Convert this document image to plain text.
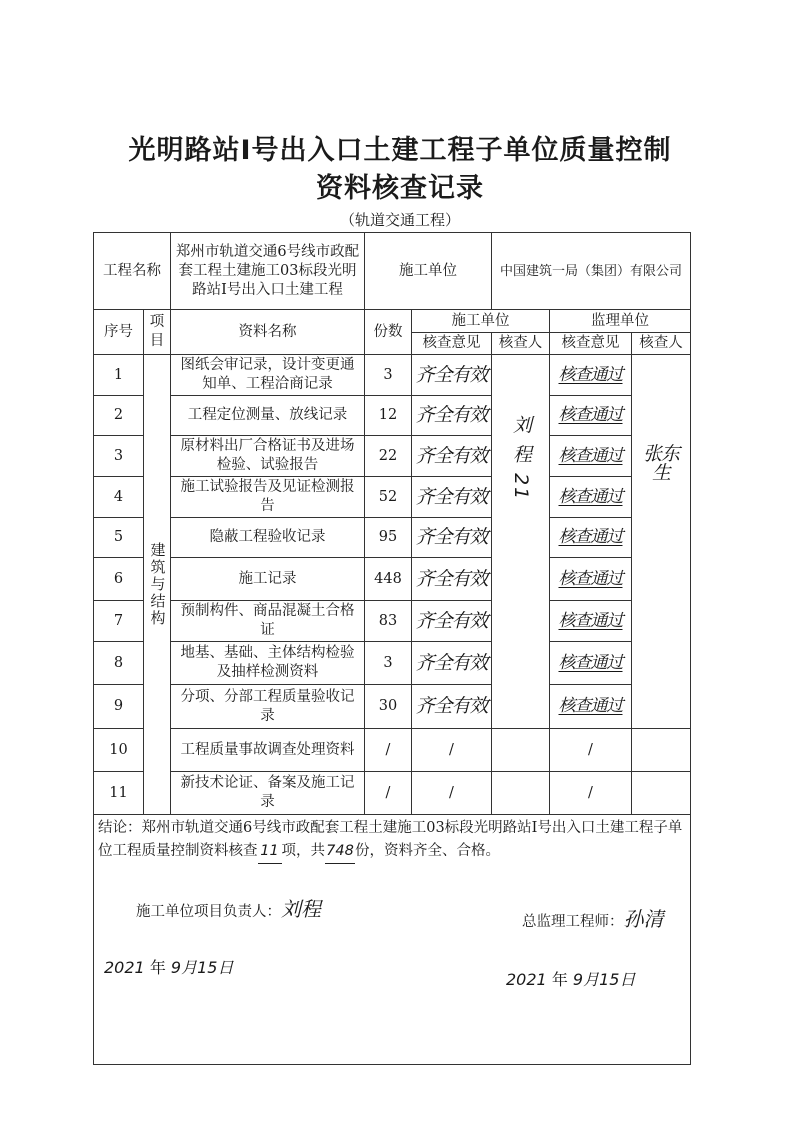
光明路站Ⅰ号出入口土建工程子单位质量控制
资料核查记录
（轨道交通工程）
工程名称		郑州市轨道交通6号线市政配套工程土建施工03标段光明路站Ⅰ号出入口土建工程	施工单位		中国建筑一局（集团）有限公司		
序号	项目	资料名称	份数	施工单位		监理单位	
				核查意见	核查人	核查意见	核查人
1	建筑与结构	图纸会审记录，设计变更通知单、工程洽商记录	3	齐全有效	刘 程 21	核查通过	张东生

2		工程定位测量、放线记录	12	齐全有效		核查通过	
3		原材料出厂合格证书及进场检验、试验报告	22	齐全有效		核查通过	
4		施工试验报告及见证检测报告	52	齐全有效		核查通过	
5		隐蔽工程验收记录	95	齐全有效		核查通过	
6		施工记录	448	齐全有效		核查通过	
7		预制构件、商品混凝土合格证	83	齐全有效		核查通过	
8		地基、基础、主体结构检验及抽样检测资料	3	齐全有效		核查通过	
9		分项、分部工程质量验收记录	30	齐全有效		核查通过	
10		工程质量事故调查处理资料	/	/		/	
11		新技术论证、备案及施工记录	/	/		/	

结论：郑州市轨道交通6号线市政配套工程土建施工03标段光明路站Ⅰ号出入口土建工程子单位工程质量控制资料核查 11 项，共748份，资料齐全、合格。
施工单位项目负责人：刘程
总监理工程师：孙清
2021 年 9月15日
2021 年 9月15日							
